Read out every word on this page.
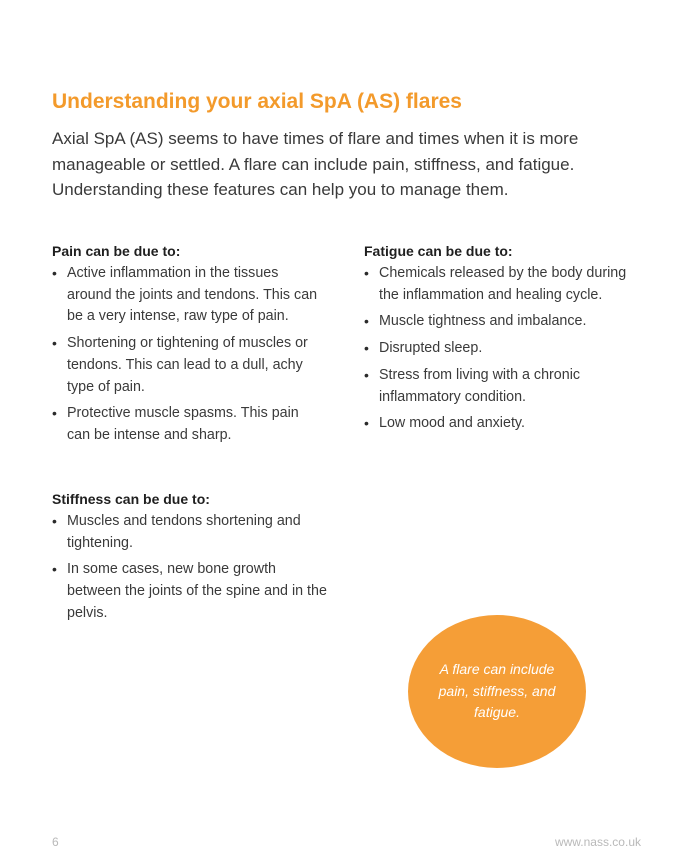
Understanding your axial SpA (AS) flares

Axial SpA (AS) seems to have times of flare and times when it is more manageable or settled. A flare can include pain, stiffness, and fatigue. Understanding these features can help you to manage them.

Pain can be due to:
• Active inflammation in the tissues around the joints and tendons. This can be a very intense, raw type of pain.
• Shortening or tightening of muscles or tendons. This can lead to a dull, achy type of pain.
• Protective muscle spasms. This pain can be intense and sharp.
Stiffness can be due to:
• Muscles and tendons shortening and tightening.
• In some cases, new bone growth between the joints of the spine and in the pelvis.
Fatigue can be due to:
• Chemicals released by the body during the inflammation and healing cycle.
• Muscle tightness and imbalance.
• Disrupted sleep.
• Stress from living with a chronic inflammatory condition.
• Low mood and anxiety.
A flare can include pain, stiffness, and fatigue.
6	www.nass.co.uk
